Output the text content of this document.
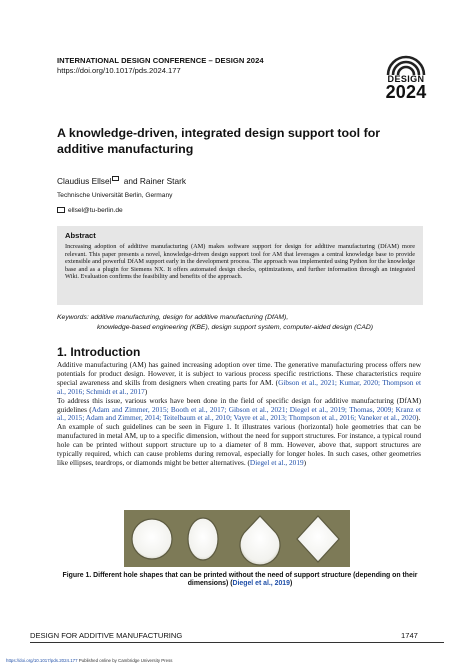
INTERNATIONAL DESIGN CONFERENCE – DESIGN 2024
https://doi.org/10.1017/pds.2024.177
DESIGN
2024
A knowledge-driven, integrated design support tool for additive manufacturing
Claudius Ellsel and Rainer Stark
Technische Universität Berlin, Germany
ellsel@tu-berlin.de
Abstract
Increasing adoption of additive manufacturing (AM) makes software support for design for additive manufacturing (DfAM) more relevant. This paper presents a novel, knowledge-driven design support tool for AM that leverages a central knowledge base to provide extensible and powerful DfAM support early in the development process. The approach was implemented using Python for the knowledge base and as a plugin for Siemens NX. It offers automated design checks, optimizations, and further information through an integrated Wiki. Evaluation confirms the feasibility and benefits of the approach.
Keywords: additive manufacturing, design for additive manufacturing (DfAM),
knowledge-based engineering (KBE), design support system, computer-aided design (CAD)
1. Introduction

Additive manufacturing (AM) has gained increasing adoption over time. The generative manufacturing process offers new potentials for product design. However, it is subject to various process specific restrictions. These characteristics require special awareness and skills from designers when creating parts for AM. (Gibson et al., 2021; Kumar, 2020; Thompson et al., 2016; Schmidt et al., 2017)

To address this issue, various works have been done in the field of specific design for additive manufacturing (DfAM) guidelines (Adam and Zimmer, 2015; Booth et al., 2017; Gibson et al., 2021; Diegel et al., 2019; Thomas, 2009; Kranz et al., 2015; Adam and Zimmer, 2014; Teitelbaum et al., 2010; Vayre et al., 2013; Thompson et al., 2016; Vaneker et al., 2020).

An example of such guidelines can be seen in Figure 1. It illustrates various (horizontal) hole geometries that can be manufactured in metal AM, up to a specific dimension, without the need for support structures. For instance, a typical round hole can be printed without support structure up to a diameter of 8 mm. However, above that, support structures are typically required, which can cause problems during removal, especially for longer holes. In such cases, other geometries like ellipses, teardrops, or diamonds might be better alternatives. (Diegel et al., 2019)

Figure 1. Different hole shapes that can be printed without the need of support structure (depending on their dimensions) (Diegel et al., 2019)
DESIGN FOR ADDITIVE MANUFACTURING	1747
https://doi.org/10.1017/pds.2024.177 Published online by Cambridge University Press
